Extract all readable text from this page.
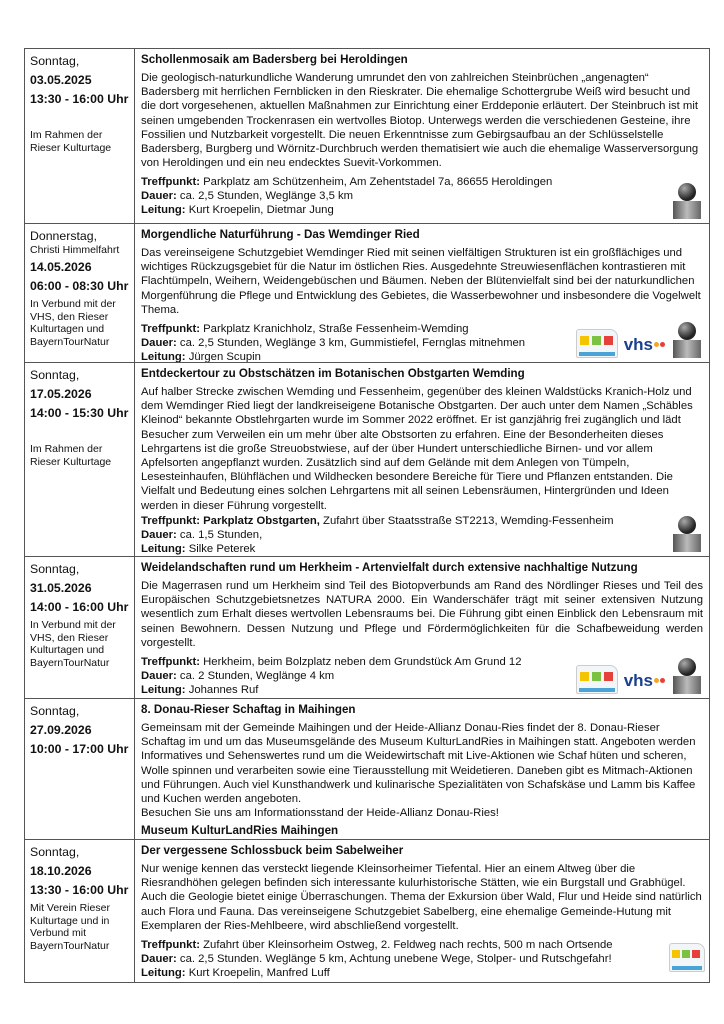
Sonntag,
03.05.2025
13:30 - 16:00 Uhr
Im Rahmen der Rieser Kulturtage
Schollenmosaik am Badersberg bei Heroldingen
Die geologisch-naturkundliche Wanderung umrundet den von zahlreichen Steinbrüchen „angenagten“ Badersberg mit herrlichen Fernblicken in den Rieskrater. Die ehemalige Schottergrube Weiß wird besucht und die dort vorgesehenen, aktuellen Maßnahmen zur Einrichtung einer Erddeponie erläutert. Der Steinbruch ist mit seinen umgebenden Trockenrasen ein wertvolles Biotop. Unterwegs werden die verschiedenen Gesteine, ihre Fossilien und Nutzbarkeit vorgestellt. Die neuen Erkenntnisse zum Gebirgsaufbau an der Schlüsselstelle Badersberg, Burgberg und Wörnitz-Durchbruch werden thematisiert wie auch die ehemalige Wasserversorgung von Heroldingen und ein neu endecktes Suevit-Vorkommen.
Treffpunkt: Parkplatz am Schützenheim, Am Zehentstadel 7a, 86655 Heroldingen
Dauer: ca. 2,5 Stunden, Weglänge 3,5 km
Leitung: Kurt Kroepelin, Dietmar Jung
Donnerstag,
Christi Himmelfahrt
14.05.2026
06:00 - 08:30 Uhr
In Verbund mit der VHS, den Rieser Kulturtagen und BayernTourNatur
Morgendliche Naturführung - Das Wemdinger Ried
Das vereinseigene Schutzgebiet Wemdinger Ried mit seinen vielfältigen Strukturen ist ein großflächiges und wichtiges Rückzugsgebiet für die Natur im östlichen Ries. Ausgedehnte Streuwiesenflächen kontrastieren mit Flachtümpeln, Weihern, Weidengebüschen und Bäumen. Neben der Blütenvielfalt sind bei der naturkundlichen Morgenführung die Pflege und Entwicklung des Gebietes, die Wasserbewohner und insbesondere die Vogelwelt Thema.
Treffpunkt: Parkplatz Kranichholz, Straße Fessenheim-Wemding
Dauer: ca. 2,5 Stunden, Weglänge 3 km, Gummistiefel, Fernglas mitnehmen
Leitung: Jürgen Scupin
vhs
Sonntag,
17.05.2026
14:00 - 15:30 Uhr
Im Rahmen der Rieser Kulturtage
Entdeckertour zu Obstschätzen im Botanischen Obstgarten Wemding
Auf halber Strecke zwischen Wemding und Fessenheim, gegenüber des kleinen Waldstücks Kranich-Holz und dem Wemdinger Ried liegt der landkreiseigene Botanische Obstgarten. Der auch unter dem Namen „Schäbles Kleinod“ bekannte Obstlehrgarten wurde im Sommer 2022 eröffnet. Er ist ganzjährig frei zugänglich und lädt Besucher zum Verweilen ein um mehr über alte Obstsorten zu erfahren. Eine der Besonderheiten dieses Lehrgartens ist die große Streuobstwiese, auf der über Hundert unterschiedliche Birnen- und vor allem Apfelsorten angepflanzt wurden. Zusätzlich sind auf dem Gelände mit dem Anlegen von Tümpeln, Lesesteinhaufen, Blühflächen und Wildhecken besondere Bereiche für Tiere und Pflanzen entstanden. Die Vielfalt und Bedeutung eines solchen Lehrgartens mit all seinen Lebensräumen, Hintergründen und Ideen werden in dieser Führung vorgestellt.
Treffpunkt: Parkplatz Obstgarten, Zufahrt über Staatsstraße ST2213, Wemding-Fessenheim
Dauer: ca. 1,5 Stunden,
Leitung: Silke Peterek
Sonntag,
31.05.2026
14:00 - 16:00 Uhr
In Verbund mit der VHS, den Rieser Kulturtagen und BayernTourNatur
Weidelandschaften rund um Herkheim - Artenvielfalt durch extensive nachhaltige Nutzung
Die Magerrasen rund um Herkheim sind Teil des Biotopverbunds am Rand des Nördlinger Rieses und Teil des Europäischen Schutzgebietsnetzes NATURA 2000. Ein Wanderschäfer trägt mit seiner extensiven Nutzung wesentlich zum Erhalt dieses wertvollen Lebensraums bei. Die Führung gibt einen Einblick den Lebensraum mit seinen Bewohnern. Dessen Nutzung und Pflege und Fördermöglichkeiten für die Schafbeweidung werden vorgestellt.
Treffpunkt: Herkheim, beim Bolzplatz neben dem Grundstück Am Grund 12
Dauer: ca. 2 Stunden, Weglänge 4 km
Leitung: Johannes Ruf
vhs
Sonntag,
27.09.2026
10:00 - 17:00 Uhr
8. Donau-Rieser Schaftag in Maihingen
Gemeinsam mit der Gemeinde Maihingen und der Heide-Allianz Donau-Ries findet der 8. Donau-Rieser Schaftag im und um das Museumsgelände des Museum KulturLandRies in Maihingen statt. Angeboten werden Informatives und Sehenswertes rund um die Weidewirtschaft mit Live-Aktionen wie Schaf hüten und scheren, Wolle spinnen und verarbeiten sowie eine Tierausstellung mit Weidetieren. Daneben gibt es Mitmach-Aktionen und Führungen. Auch viel Kunsthandwerk und kulinarische Spezialitäten von Schafskäse und Lamm bis Kaffee und Kuchen werden angeboten.
Besuchen Sie uns am Informationsstand der Heide-Allianz Donau-Ries!
Museum KulturLandRies Maihingen
Sonntag,
18.10.2026
13:30 - 16:00 Uhr
Mit Verein Rieser Kulturtage und in Verbund mit BayernTourNatur
Der vergessene Schlossbuck beim Sabelweiher
Nur wenige kennen das versteckt liegende Kleinsorheimer Tiefental. Hier an einem Altweg über die Riesrandhöhen gelegen befinden sich interessante kulurhistorische Stätten, wie ein Burgstall und Grabhügel. Auch die Geologie bietet einige Überraschungen. Thema der Exkursion über Wald, Flur und Heide sind natürlich auch Flora und Fauna. Das vereinseigene Schutzgebiet Sabelberg, eine ehemalige Gemeinde-Hutung mit Exemplaren der Ries-Mehlbeere, wird abschließend vorgestellt.
Treffpunkt: Zufahrt über Kleinsorheim Ostweg, 2. Feldweg nach rechts, 500 m nach Ortsende
Dauer: ca. 2,5 Stunden. Weglänge 5 km, Achtung unebene Wege, Stolper- und Rutschgefahr!
Leitung: Kurt Kroepelin, Manfred Luff
